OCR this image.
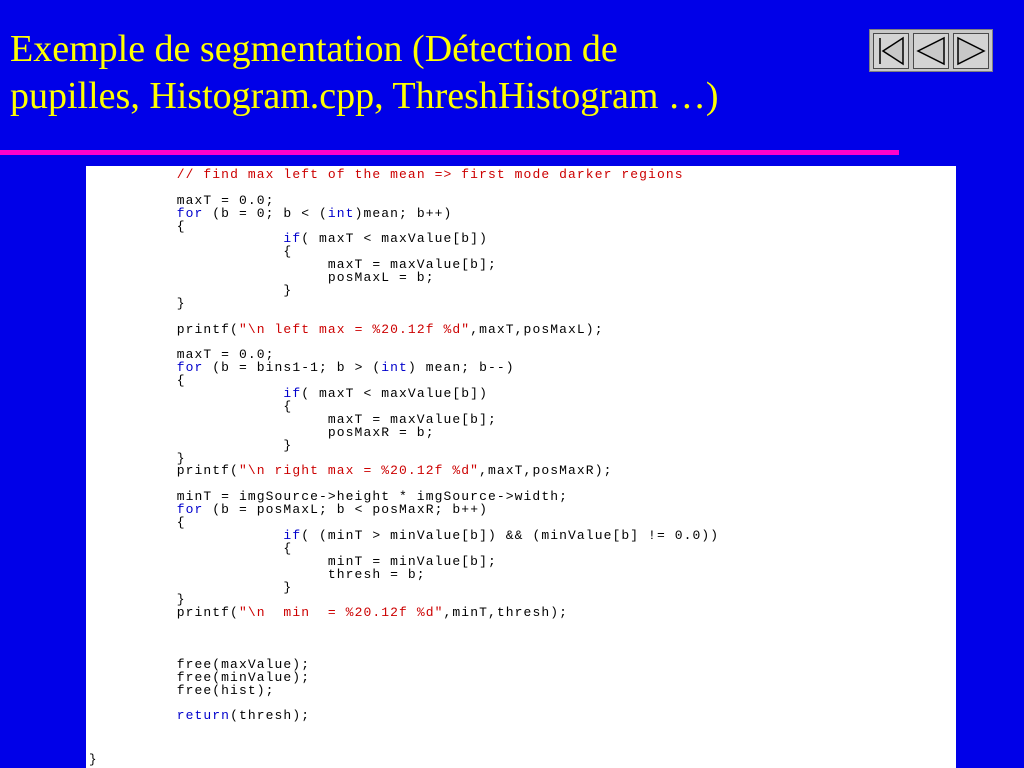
Exemple de segmentation (Détection de
pupilles, Histogram.cpp, ThreshHistogram …)
// find max left of the mean => first mode darker regions
maxT = 0.0;
for (b = 0; b < (int)mean; b++)
{
if( maxT < maxValue[b])
{
maxT = maxValue[b];
posMaxL = b;
}
}
printf("\n left max = %20.12f %d",maxT,posMaxL);
maxT = 0.0;
for (b = bins1-1; b > (int) mean; b--)
{
if( maxT < maxValue[b])
{
maxT = maxValue[b];
posMaxR = b;
}
}
printf("\n right max = %20.12f %d",maxT,posMaxR);
minT = imgSource->height * imgSource->width;
for (b = posMaxL; b < posMaxR; b++)
{
if( (minT > minValue[b]) && (minValue[b] != 0.0))
{
minT = minValue[b];
thresh = b;
}
}
printf("\n  min  = %20.12f %d",minT,thresh);
free(maxValue);
free(minValue);
free(hist);
return(thresh);
}
